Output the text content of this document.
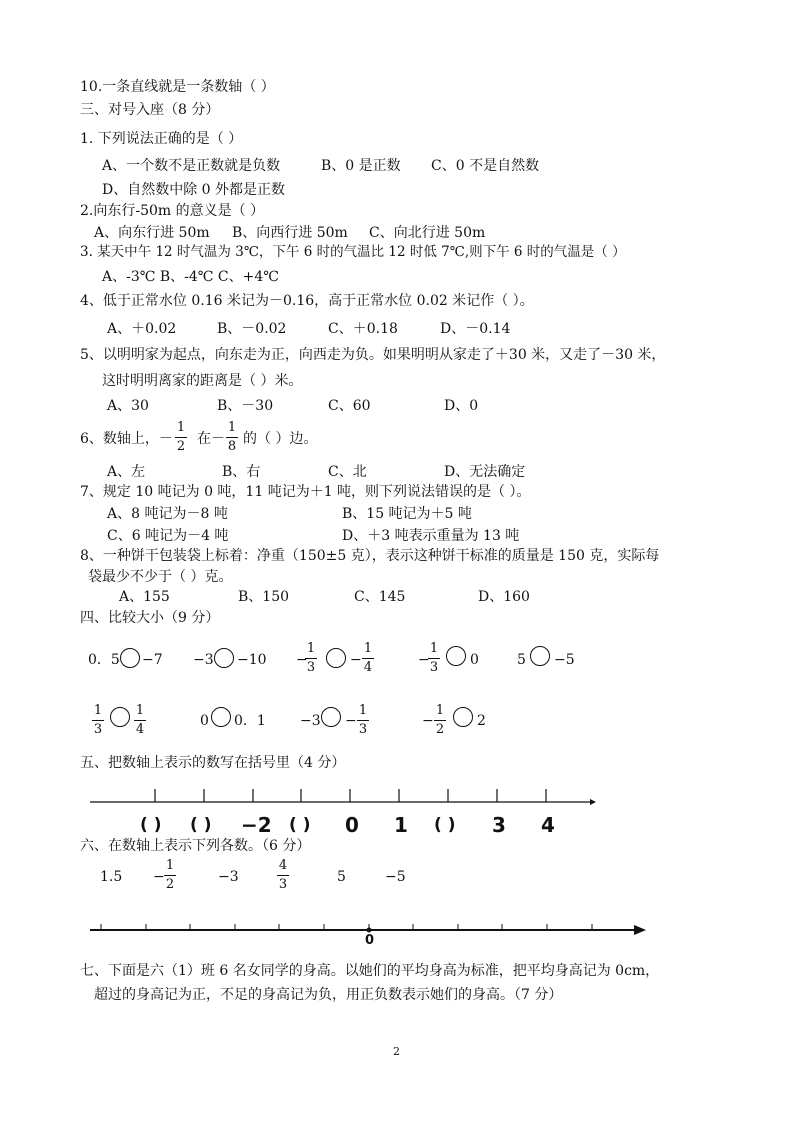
10.一条直线就是一条数轴（ ）
三、对号入座（8 分）
1. 下列说法正确的是（ ）
A、一个数不是正数就是负数	B、0 是正数 C、0 不是自然数
D、自然数中除 0 外都是正数
2.向东行-50m 的意义是（ ）
A、向东行进 50m B、向西行进 50m C、向北行进 50m
3. 某天中午 12 时气温为 3℃，下午 6 时的气温比 12 时低 7℃,则下午 6 时的气温是（ ）
A、-3℃ B、-4℃ C、+4℃
4、低于正常水位 0.16 米记为－0.16，高于正常水位 0.02 米记作（ ）。
A、＋0.02	B、－0.02	C、＋0.18	D、－0.14
5、以明明家为起点，向东走为正，向西走为负。如果明明从家走了＋30 米，又走了－30 米，
这时明明离家的距离是（ ）米。
A、30	B、－30	C、60	D、0
6、数轴上，－
1
2 在－
1
8 的（ ）边。
A、左	B、右	C、北	D、无法确定
7、规定 10 吨记为 0 吨，11 吨记为＋1 吨，则下列说法错误的是（ ）。
A、8 吨记为－8 吨	B、15 吨记为＋5 吨
C、6 吨记为－4 吨	D、＋3 吨表示重量为 13 吨
8、一种饼干包装袋上标着：净重（150±5 克），表示这种饼干标准的质量是 150 克，实际每
袋最少不少于（ ）克。
A、155	B、150	C、145	D、160
四、比较大小（9 分）
0．5 −7 −3 −10 −
1
3 −
1
4	−
1
3 0	5 −5
1
3
1
4
0 0．1 −3 −
1
3
−
1
2
2
五、把数轴上表示的数写在括号里（4 分）
( ) ( ) −2 ( ) 0 1 ( ) 3 4
六、在数轴上表示下列各数。（6 分）
1.5 −
1
2	−3
4
3	5	−5
0
七、下面是六（1）班 6 名女同学的身高。以她们的平均身高为标准，把平均身高记为 0cm，
超过的身高记为正，不足的身高记为负，用正负数表示她们的身高。（7 分）
2
